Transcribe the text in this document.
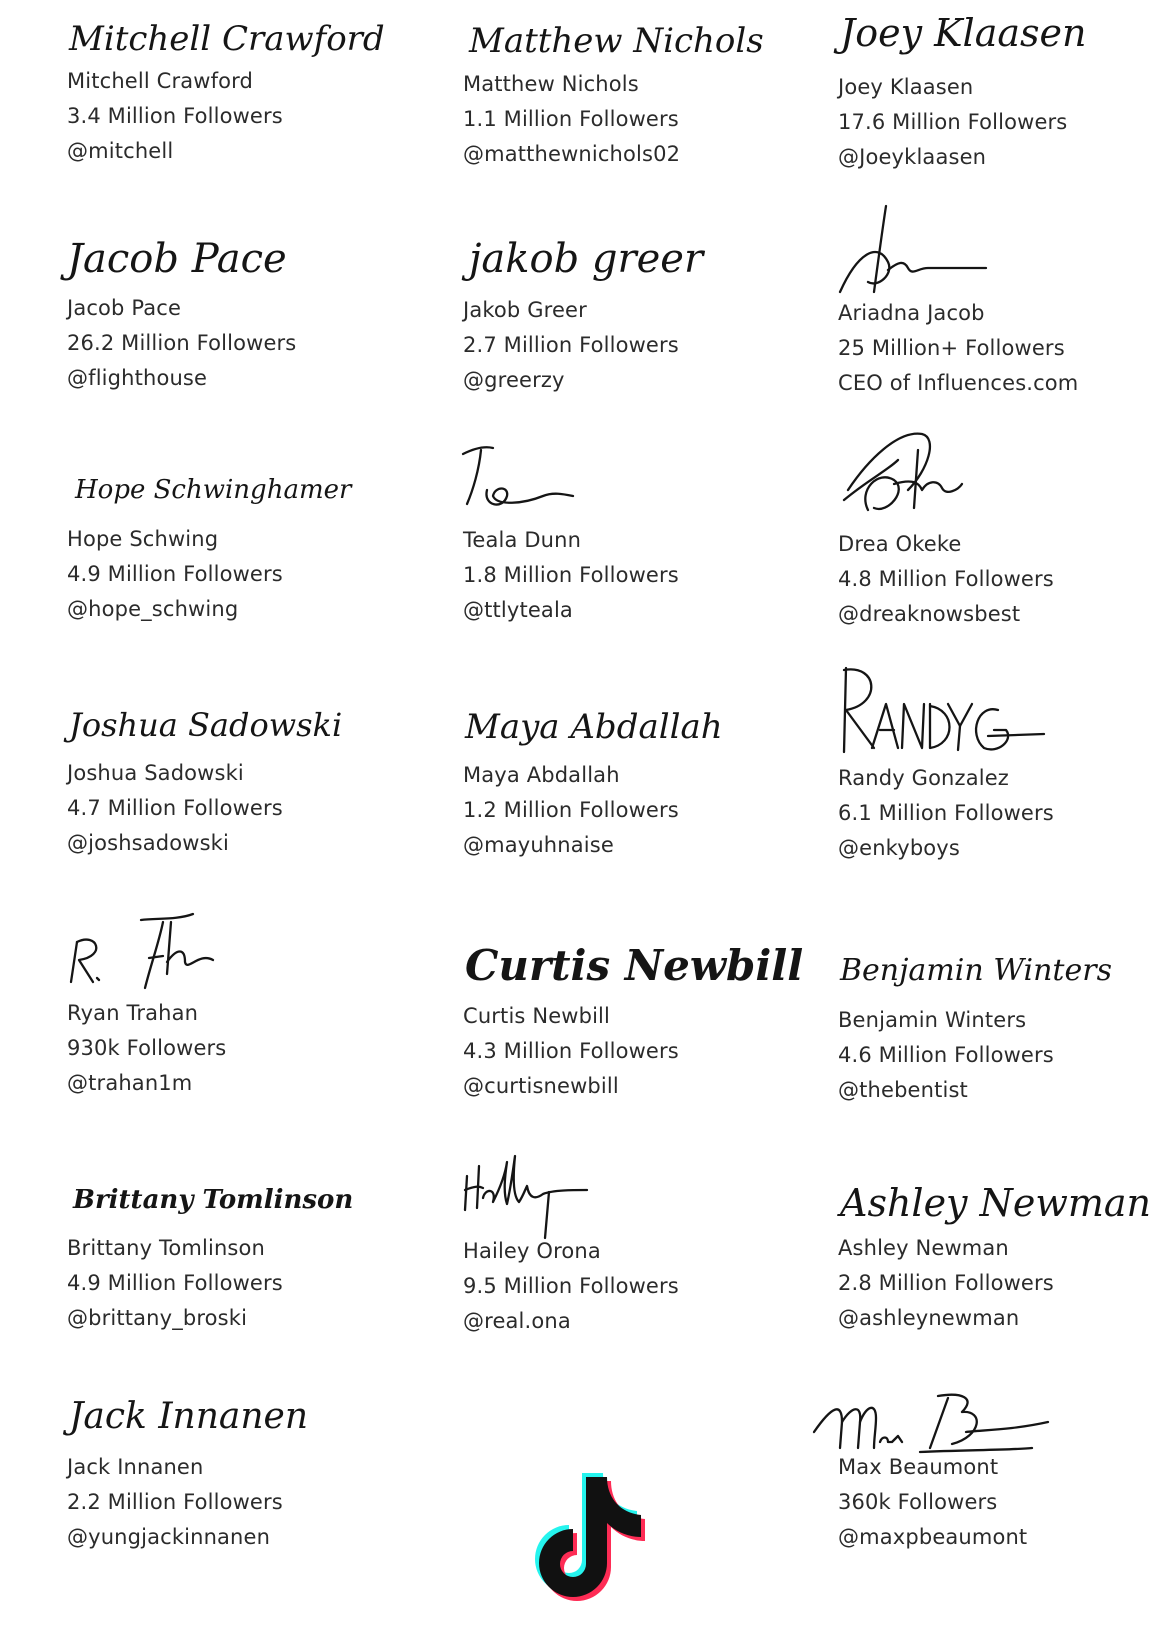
Mitchell Crawford
Mitchell Crawford
3.4 Million Followers
@mitchell
Matthew Nichols
Matthew Nichols
1.1 Million Followers
@matthewnichols02
Joey Klaasen
Joey Klaasen
17.6 Million Followers
@Joeyklaasen
Jacob Pace
Jacob Pace
26.2 Million Followers
@flighthouse
jakob greer
Jakob Greer
2.7 Million Followers
@greerzy
Ariadna Jacob
25 Million+ Followers
CEO of Influences.com
Hope Schwinghamer
Hope Schwing
4.9 Million Followers
@hope_schwing
Teala Dunn
1.8 Million Followers
@ttlyteala
Drea Okeke
4.8 Million Followers
@dreaknowsbest
Joshua Sadowski
Joshua Sadowski
4.7 Million Followers
@joshsadowski
Maya Abdallah
Maya Abdallah
1.2 Million Followers
@mayuhnaise
Randy Gonzalez
6.1 Million Followers
@enkyboys
Ryan Trahan
930k Followers
@trahan1m
Curtis Newbill
Curtis Newbill
4.3 Million Followers
@curtisnewbill
Benjamin Winters
Benjamin Winters
4.6 Million Followers
@thebentist
Brittany Tomlinson
Brittany Tomlinson
4.9 Million Followers
@brittany_broski
Hailey Orona
9.5 Million Followers
@real.ona
Ashley Newman
Ashley Newman
2.8 Million Followers
@ashleynewman
Jack Innanen
Jack Innanen
2.2 Million Followers
@yungjackinnanen
Max Beaumont
360k Followers
@maxpbeaumont
